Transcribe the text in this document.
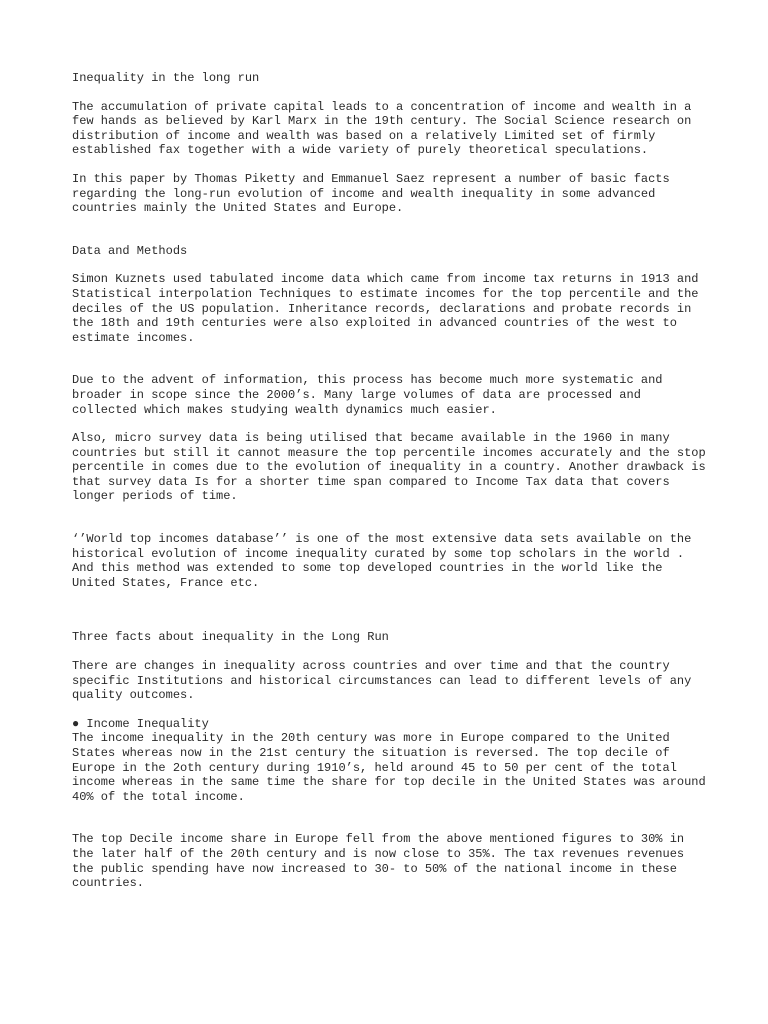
Inequality in the long run

The accumulation of private capital leads to a concentration of income and wealth in a few hands as believed by Karl Marx in the 19th century. The Social Science research on distribution of income and wealth was based on a relatively Limited set of firmly established fax together with a wide variety of purely theoretical speculations.

In this paper by Thomas Piketty and Emmanuel Saez represent a number of basic facts regarding the long-run evolution of income and wealth inequality in some advanced countries mainly the United States and Europe.

Data and Methods

Simon Kuznets used tabulated income data which came from income tax returns in 1913 and Statistical interpolation Techniques to estimate incomes for the top percentile and the deciles of the US population. Inheritance records, declarations and probate records in the 18th and 19th centuries were also exploited in advanced countries of the west to estimate incomes.

Due to the advent of information, this process has become much more systematic and broader in scope since the 2000’s. Many large volumes of data are processed and collected which makes studying wealth dynamics much easier.

Also, micro survey data is being utilised that became available in the 1960 in many countries but still it cannot measure the top percentile incomes accurately and the stop percentile in comes due to the evolution of inequality in a country. Another drawback is that survey data Is for a shorter time span compared to Income Tax data that covers longer periods of time.

‘’World top incomes database’’ is one of the most extensive data sets available on the historical evolution of income inequality curated by some top scholars in the world . And this method was extended to some top developed countries in the world like the United States, France etc.

Three facts about inequality in the Long Run

There are changes in inequality across countries and over time and that the country specific Institutions and historical circumstances can lead to different levels of any quality outcomes.

● Income Inequality

The income inequality in the 20th century was more in Europe compared to the United States whereas now in the 21st century the situation is reversed. The top decile of Europe in the 2oth century during 1910’s, held around 45 to 50 per cent of the total income whereas in the same time the share for top decile in the United States was around 40% of the total income.

The top Decile income share in Europe fell from the above mentioned figures to 30% in the later half of the 20th century and is now close to 35%. The tax revenues revenues the public spending have now increased to 30- to 50% of the national income in these countries.
